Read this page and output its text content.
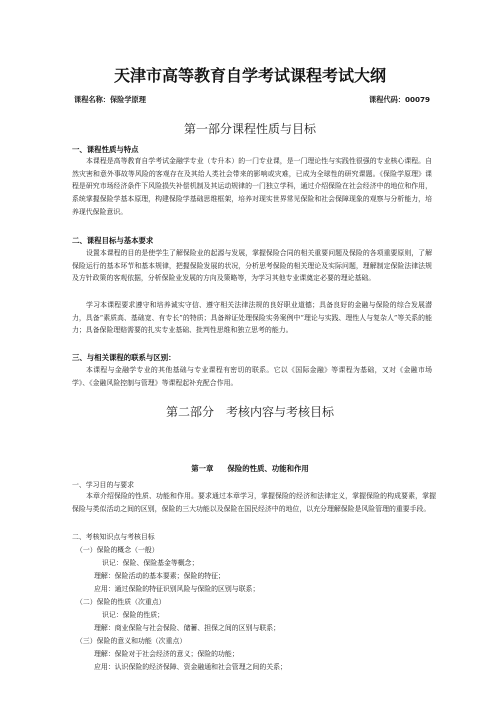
天津市高等教育自学考试课程考试大纲
课程名称：保险学原理	课程代码：00079
第一部分课程性质与目标
一、课程性质与特点

本课程是高等教育自学考试金融学专业（专升本）的一门专业课，是一门理论性与实践性很强的专业核心课程。自然灾害和意外事故等风险的客观存在及其给人类社会带来的影响或灾难，已成为全球性的研究课题。《保险学原理》课程是研究市场经济条件下风险损失补偿机制及其运动规律的一门独立学科，通过介绍保险在社会经济中的地位和作用，系统掌握保险学基本原理，构建保险学基础思维框架，培养对现实世界常见保险和社会保障现象的观察与分析能力，培养现代保险意识。

二、课程目标与基本要求

设置本课程的目的是使学生了解保险业的起源与发展，掌握保险合同的相关重要问题及保险的各项重要原则，了解保险运行的基本环节和基本规律，把握保险发展的状况，分析思考保险的相关理论及实际问题，理解制定保险法律法规及方针政策的客观依据，分析保险业发展的方向及策略等，为学习其他专业课奠定必要的理论基础。

学习本课程要求遵守和培养诚实守信、遵守相关法律法规的良好职业道德；具备良好的金融与保险的综合发展潜力，具备“素质高、基础宽、有专长”的特质；具备辩证处理保险实务案例中“理论与实践、理性人与复杂人”等关系的能力；具备保险理赔需要的扎实专业基础、批判性思维和独立思考的能力。

三、与相关课程的联系与区别：

本课程与金融学专业的其他基础与专业课程有密切的联系。它以《国际金融》等课程为基础，又对《金融市场学》、《金融风险控制与管理》等课程起补充配合作用。

第二部分　考核内容与考核目标
第一章 保险的性质、功能和作用
一、学习目的与要求

本章介绍保险的性质、功能和作用。要求通过本章学习，掌握保险的经济和法律定义，掌握保险的构成要素，掌握保险与类似活动之间的区别，保险的三大功能以及保险在国民经济中的地位，以充分理解保险是风险管理的重要手段。

二、考核知识点与考核目标
（一）保险的概念（一般）
识记：保险、保险基金等概念；
理解：保险活动的基本要素；保险的特征；
应用：通过保险的特征识别风险与保险的区别与联系；
（二）保险的性质（次重点）
识记：保险的性质；
理解：商业保险与社会保险、储蓄、担保之间的区别与联系；
（三）保险的意义和功能（次重点）
理解：保险对于社会经济的意义；保险的功能；
应用：认识保险的经济保障、资金融通和社会管理之间的关系；
